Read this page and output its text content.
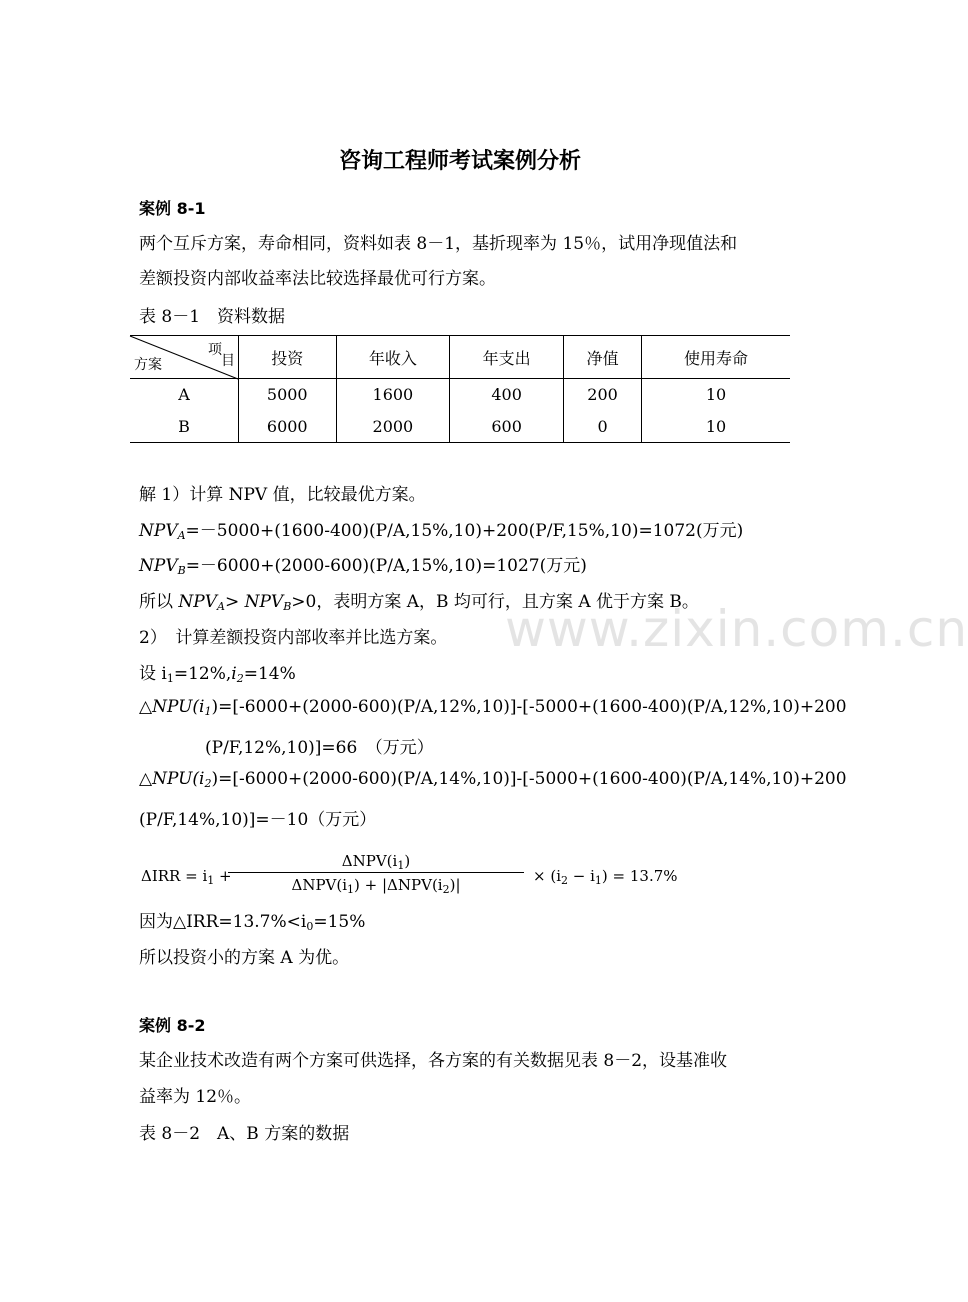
www.zixin.com.cn
咨询工程师考试案例分析
案例 8-1
两个互斥方案，寿命相同，资料如表 8－1，基折现率为 15％，试用净现值法和
差额投资内部收益率法比较选择最优可行方案。
表 8－1　资料数据
项
目
方案	投资	年收入	年支出	净值	使用寿命
A	5000	1600	400	200	10
B	6000	2000	600	0	10
解 1）计算 NPV 值，比较最优方案。
$NPV_A=-5000+(1600-400)(P/A,15\%,10)+200(P/F,15\%,10)=1072$(万元)
$NPV_B=-6000+(2000-600)(P/A,15\%,10)=1027$(万元)
所以 $NPV_A> NPV_B>0$，表明方案 A，B 均可行，且方案 A 优于方案 B。
2）　计算差额投资内部收率并比选方案。
设 $i_1=12\%,i_2=14\%$
$\triangle NPU(i_1)=[-6000+(2000-600)(P/A,12\%,10)]-[-5000+(1600-400)(P/A,12\%,10)+200$
(P/F,12%,10)]=66　（万元）
$\triangle NPU(i_2)=[-6000+(2000-600)(P/A,14\%,10)]-[-5000+(1600-400)(P/A,14\%,10)+200$
(P/F,14%,10)]=－10（万元）
$\Delta IRR = i_1$ +
$\Delta NPV(i_1)$
$\Delta NPV(i_1) + |\Delta NPV(i_2)|$	× $(i_2 - i_1) = 13.7\%$
因为$\triangle IRR=13.7\%<i_0=15\%$
所以投资小的方案 A 为优。
案例 8-2
某企业技术改造有两个方案可供选择，各方案的有关数据见表 8－2，设基准收
益率为 12％。
表 8－2　A、B 方案的数据
